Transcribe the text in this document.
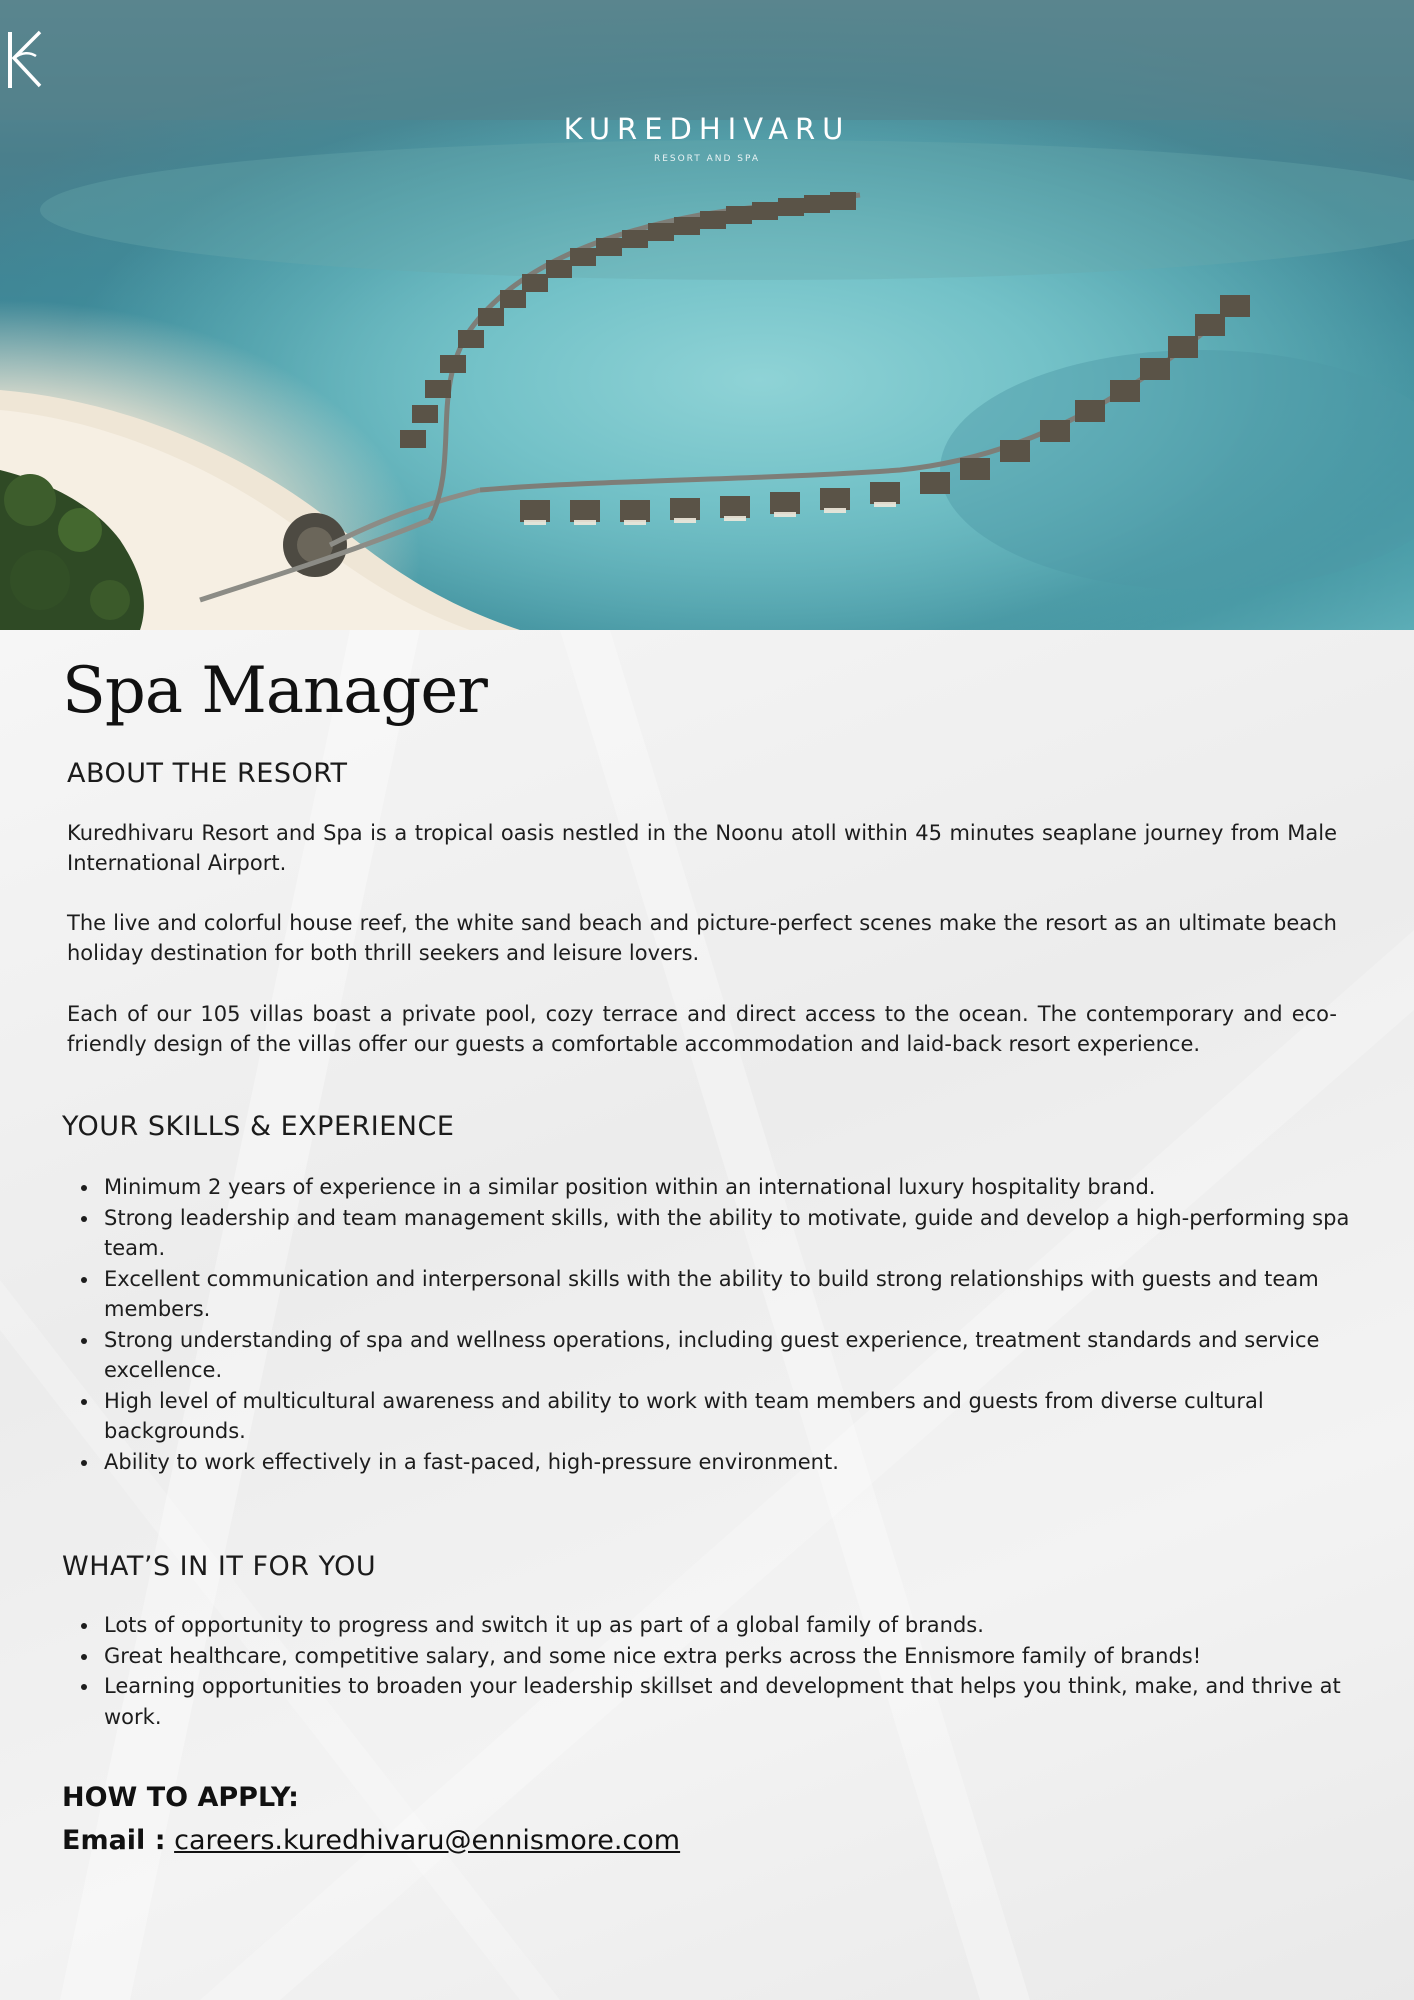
KUREDHIVARU
RESORT AND SPA
Spa Manager
ABOUT THE RESORT

Kuredhivaru Resort and Spa is a tropical oasis nestled in the Noonu atoll within 45 minutes seaplane journey from Male International Airport.

The live and colorful house reef, the white sand beach and picture-perfect scenes make the resort as an ultimate beach holiday destination for both thrill seekers and leisure lovers.

Each of our 105 villas boast a private pool, cozy terrace and direct access to the ocean. The contemporary and eco-friendly design of the villas offer our guests a comfortable accommodation and laid-back resort experience.

YOUR SKILLS & EXPERIENCE
• Minimum 2 years of experience in a similar position within an international luxury hospitality brand.
• Strong leadership and team management skills, with the ability to motivate, guide and develop a high-performing spa team.
• Excellent communication and interpersonal skills with the ability to build strong relationships with guests and team members.
• Strong understanding of spa and wellness operations, including guest experience, treatment standards and service excellence.
• High level of multicultural awareness and ability to work with team members and guests from diverse cultural backgrounds.
• Ability to work effectively in a fast-paced, high-pressure environment.
WHAT’S IN IT FOR YOU
• Lots of opportunity to progress and switch it up as part of a global family of brands.
• Great healthcare, competitive salary, and some nice extra perks across the Ennismore family of brands!
• Learning opportunities to broaden your leadership skillset and development that helps you think, make, and thrive at work.
HOW TO APPLY:
Email : careers.kuredhivaru@ennismore.com
